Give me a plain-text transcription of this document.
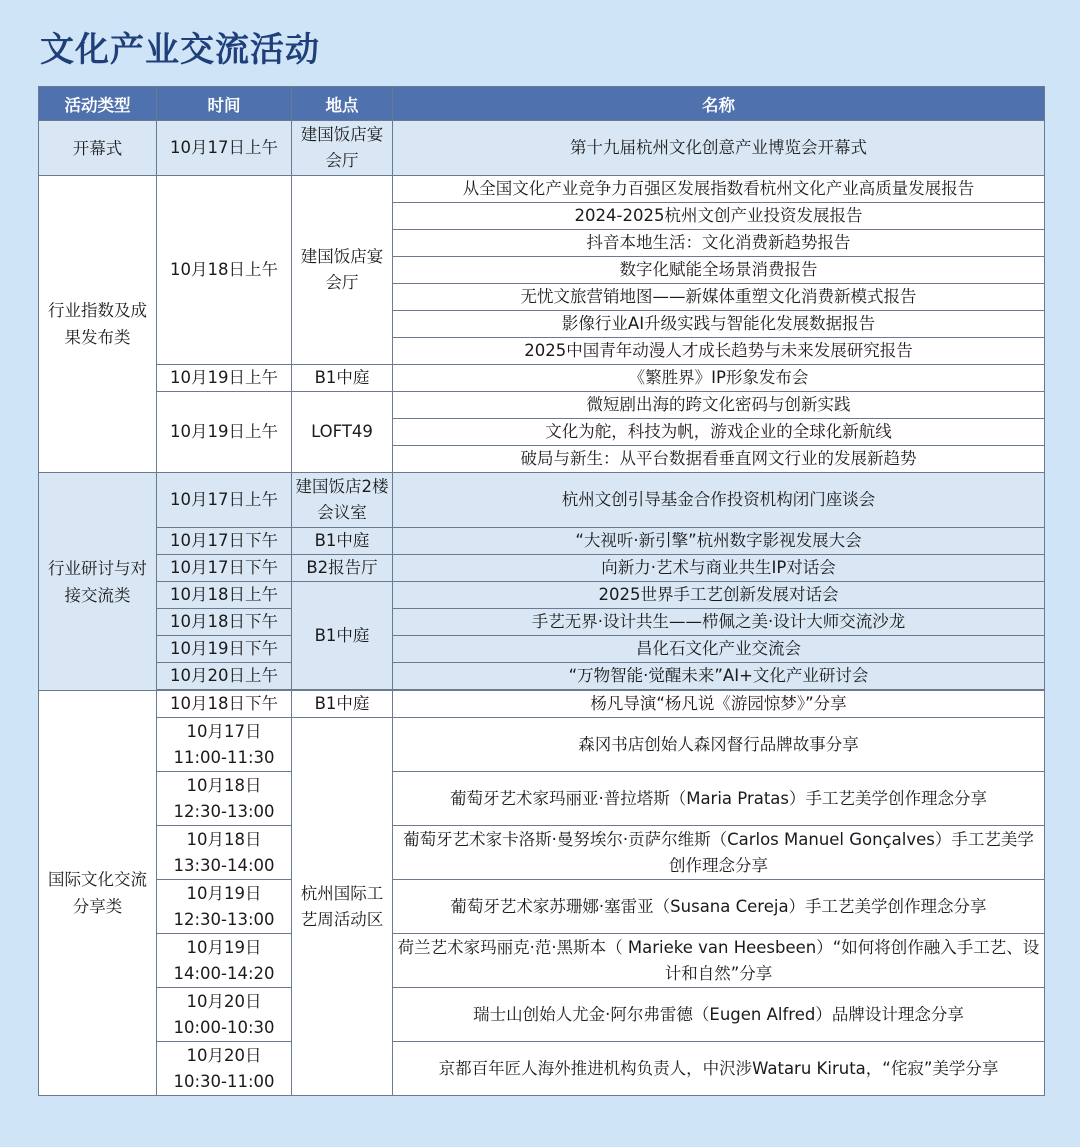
文化产业交流活动
活动类型	时间	地点	名称
开幕式	10月17日上午	建国饭店宴会厅	第十九届杭州文化创意产业博览会开幕式
行业指数及成果发布类	10月18日上午	建国饭店宴会厅	从全国文化产业竞争力百强区发展指数看杭州文化产业高质量发展报告
			2024-2025杭州文创产业投资发展报告
			抖音本地生活：文化消费新趋势报告
			数字化赋能全场景消费报告
			无忧文旅营销地图——新媒体重塑文化消费新模式报告
			影像行业AI升级实践与智能化发展数据报告
			2025中国青年动漫人才成长趋势与未来发展研究报告
	10月19日上午	B1中庭	《繁胜界》IP形象发布会
	10月19日上午	LOFT49	微短剧出海的跨文化密码与创新实践
			文化为舵，科技为帆，游戏企业的全球化新航线
			破局与新生：从平台数据看垂直网文行业的发展新趋势
行业研讨与对接交流类	10月17日上午	建国饭店2楼会议室	杭州文创引导基金合作投资机构闭门座谈会
	10月17日下午	B1中庭	“大视听·新引擎”杭州数字影视发展大会
	10月17日下午	B2报告厅	向新力·艺术与商业共生IP对话会
	10月18日上午	B1中庭	2025世界手工艺创新发展对话会
	10月18日下午		手艺无界·设计共生——栉佩之美·设计大师交流沙龙
	10月19日下午		昌化石文化产业交流会
	10月20日上午		“万物智能·觉醒未来”AI+文化产业研讨会

国际文化交流分享类	10月18日下午	B1中庭	杨凡导演“杨凡说《游园惊梦》”分享
	10月17日 11:00-11:30	杭州国际工艺周活动区	森冈书店创始人森冈督行品牌故事分享
	10月18日 12:30-13:00		葡萄牙艺术家玛丽亚·普拉塔斯（Maria Pratas）手工艺美学创作理念分享
	10月18日 13:30-14:00		葡萄牙艺术家卡洛斯·曼努埃尔·贡萨尔维斯（Carlos Manuel Gonçalves）手工艺美学创作理念分享
	10月19日 12:30-13:00		葡萄牙艺术家苏珊娜·塞雷亚（Susana Cereja）手工艺美学创作理念分享
	10月19日 14:00-14:20		荷兰艺术家玛丽克·范·黑斯本（ Marieke van Heesbeen）“如何将创作融入手工艺、设计和自然”分享
	10月20日 10:00-10:30		瑞士山创始人尤金·阿尔弗雷德（Eugen Alfred）品牌设计理念分享
	10月20日 10:30-11:00		京都百年匠人海外推进机构负责人，中沢涉Wataru Kiruta，“侘寂”美学分享
